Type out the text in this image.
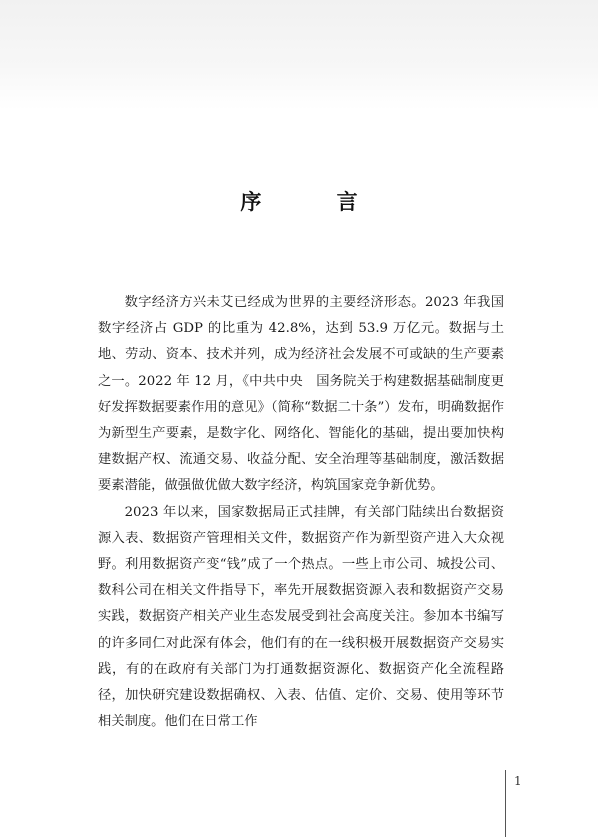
序 言

数字经济方兴未艾已经成为世界的主要经济形态。2023 年我国数字经济占 GDP 的比重为 42.8%，达到 53.9 万亿元。数据与土地、劳动、资本、技术并列，成为经济社会发展不可或缺的生产要素之一。2022 年 12 月，《中共中央　国务院关于构建数据基础制度更好发挥数据要素作用的意见》（简称“数据二十条”）发布，明确数据作为新型生产要素，是数字化、网络化、智能化的基础，提出要加快构建数据产权、流通交易、收益分配、安全治理等基础制度，激活数据要素潜能，做强做优做大数字经济，构筑国家竞争新优势。

2023 年以来，国家数据局正式挂牌，有关部门陆续出台数据资源入表、数据资产管理相关文件，数据资产作为新型资产进入大众视野。利用数据资产变“钱”成了一个热点。一些上市公司、城投公司、数科公司在相关文件指导下，率先开展数据资源入表和数据资产交易实践，数据资产相关产业生态发展受到社会高度关注。参加本书编写的许多同仁对此深有体会，他们有的在一线积极开展数据资产交易实践，有的在政府有关部门为打通数据资源化、数据资产化全流程路径，加快研究建设数据确权、入表、估值、定价、交易、使用等环节相关制度。他们在日常工作

1
